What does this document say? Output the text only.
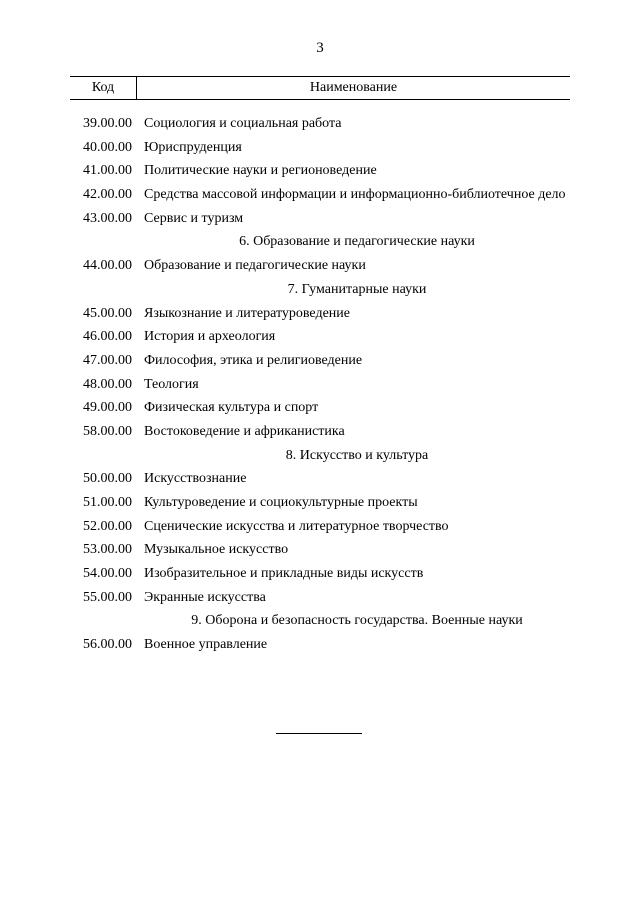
3
Код	Наименование
39.00.00 Социология и социальная работа
40.00.00 Юриспруденция
41.00.00 Политические науки и регионоведение
42.00.00 Средства массовой информации и информационно-библиотечное дело
43.00.00 Сервис и туризм
6. Образование и педагогические науки
44.00.00 Образование и педагогические науки
7. Гуманитарные науки
45.00.00 Языкознание и литературоведение
46.00.00 История и археология
47.00.00 Философия, этика и религиоведение
48.00.00 Теология
49.00.00 Физическая культура и спорт
58.00.00 Востоковедение и африканистика
8. Искусство и культура
50.00.00 Искусствознание
51.00.00 Культуроведение и социокультурные проекты
52.00.00 Сценические искусства и литературное творчество
53.00.00 Музыкальное искусство
54.00.00 Изобразительное и прикладные виды искусств
55.00.00 Экранные искусства
9. Оборона и безопасность государства. Военные науки
56.00.00 Военное управление
